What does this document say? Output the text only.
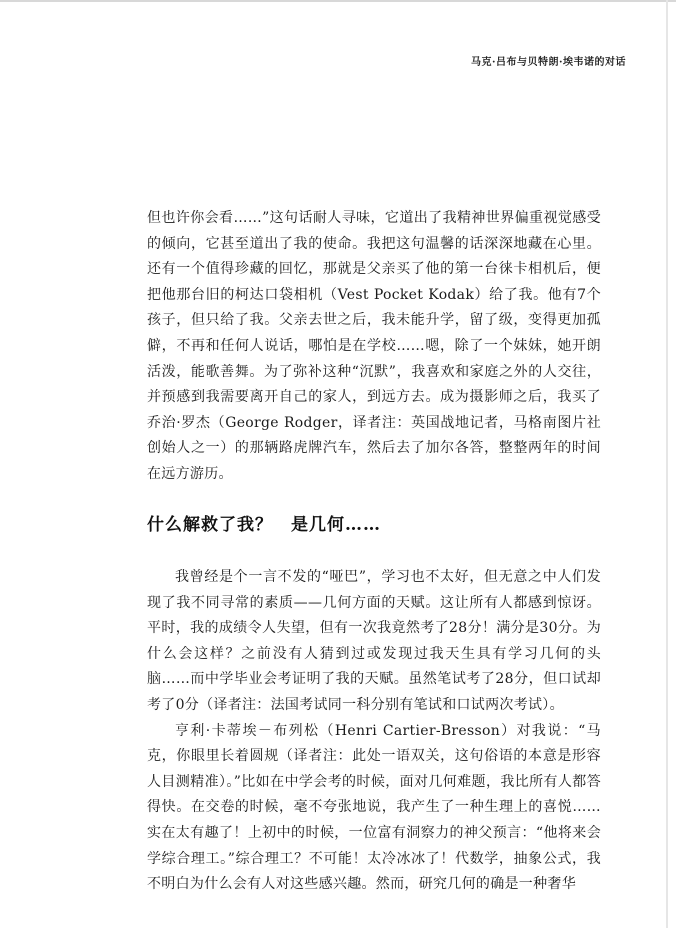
马克·吕布与贝特朗·埃韦诺的对话

但也许你会看……”这句话耐人寻味，它道出了我精神世界偏重视觉感受的倾向，它甚至道出了我的使命。我把这句温馨的话深深地藏在心里。还有一个值得珍藏的回忆，那就是父亲买了他的第一台徕卡相机后，便把他那台旧的柯达口袋相机（Vest Pocket Kodak）给了我。他有7个孩子，但只给了我。父亲去世之后，我未能升学，留了级，变得更加孤僻，不再和任何人说话，哪怕是在学校……嗯，除了一个妹妹，她开朗活泼，能歌善舞。为了弥补这种“沉默”，我喜欢和家庭之外的人交往，并预感到我需要离开自己的家人，到远方去。成为摄影师之后，我买了乔治·罗杰（George Rodger，译者注：英国战地记者，马格南图片社创始人之一）的那辆路虎牌汽车，然后去了加尔各答，整整两年的时间在远方游历。

什么解救了我？　是几何……

我曾经是个一言不发的“哑巴”，学习也不太好，但无意之中人们发现了我不同寻常的素质——几何方面的天赋。这让所有人都感到惊讶。平时，我的成绩令人失望，但有一次我竟然考了28分！满分是30分。为什么会这样？之前没有人猜到过或发现过我天生具有学习几何的头脑……而中学毕业会考证明了我的天赋。虽然笔试考了28分，但口试却考了0分（译者注：法国考试同一科分别有笔试和口试两次考试）。

亨利·卡蒂埃－布列松（Henri Cartier-Bresson）对我说：“马克，你眼里长着圆规（译者注：此处一语双关，这句俗语的本意是形容人目测精准）。”比如在中学会考的时候，面对几何难题，我比所有人都答得快。在交卷的时候，毫不夸张地说，我产生了一种生理上的喜悦……实在太有趣了！上初中的时候，一位富有洞察力的神父预言：“他将来会学综合理工。”综合理工？不可能！太冷冰冰了！代数学，抽象公式，我不明白为什么会有人对这些感兴趣。然而，研究几何的确是一种奢华
